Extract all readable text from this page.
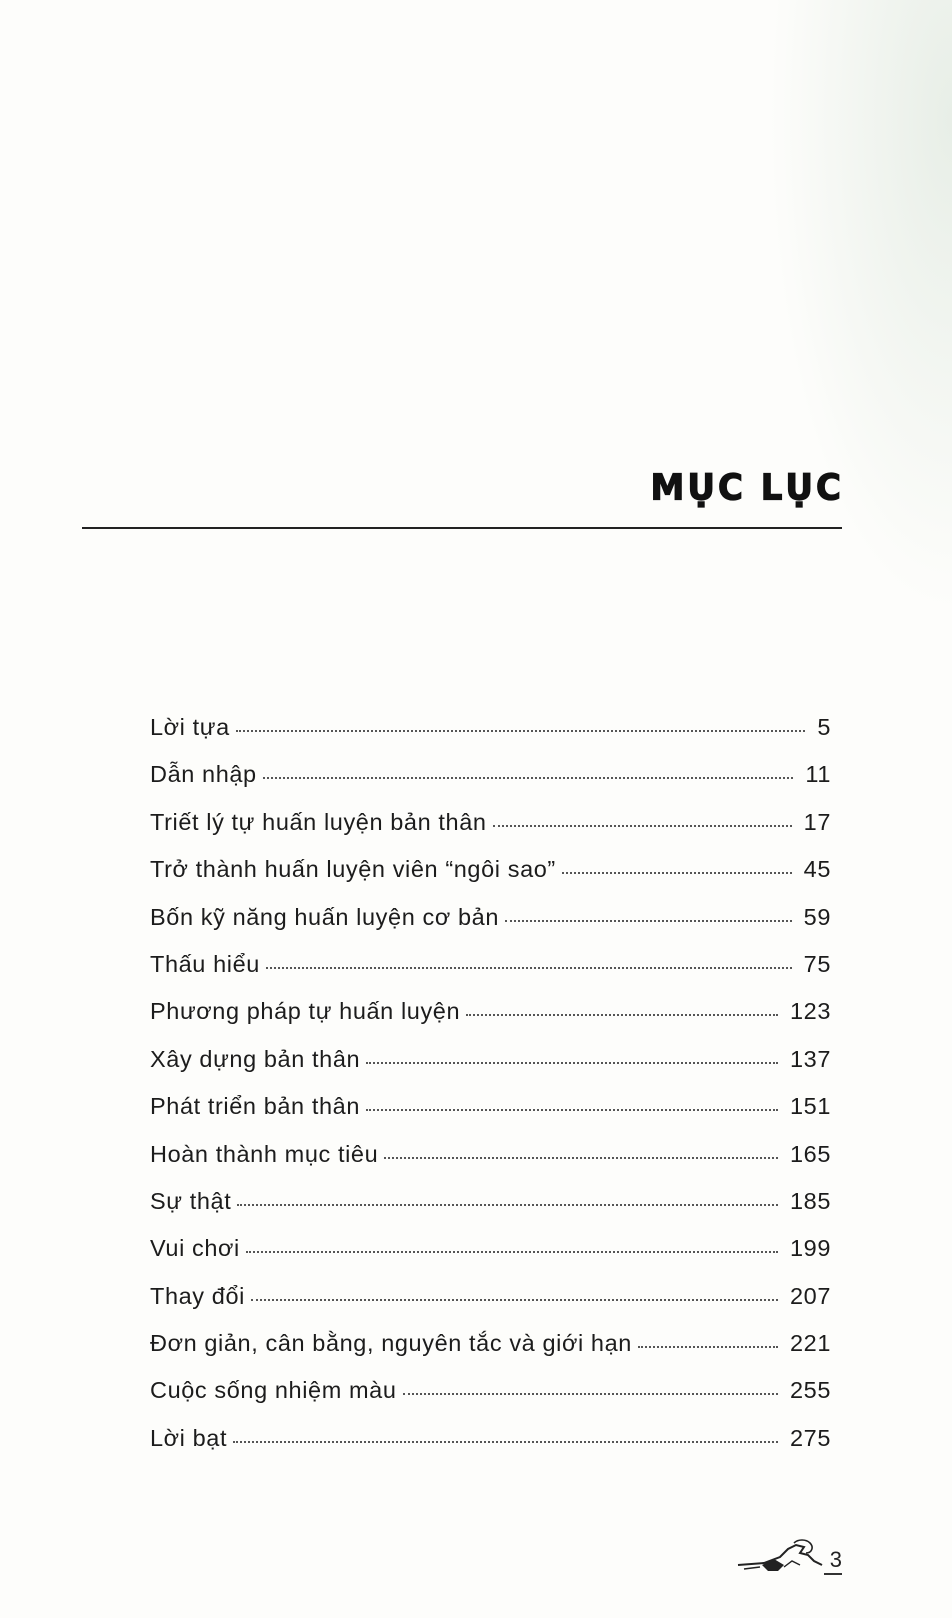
MỤC LỤC
Lời tựa	5
Dẫn nhập	11
Triết lý tự huấn luyện bản thân	17
Trở thành huấn luyện viên “ngôi sao”	45
Bốn kỹ năng huấn luyện cơ bản	59
Thấu hiểu	75
Phương pháp tự huấn luyện	123
Xây dựng bản thân	137
Phát triển bản thân	151
Hoàn thành mục tiêu	165
Sự thật	185
Vui chơi	199
Thay đổi	207
Đơn giản, cân bằng, nguyên tắc và giới hạn	221
Cuộc sống nhiệm màu	255
Lời bạt	275
3
